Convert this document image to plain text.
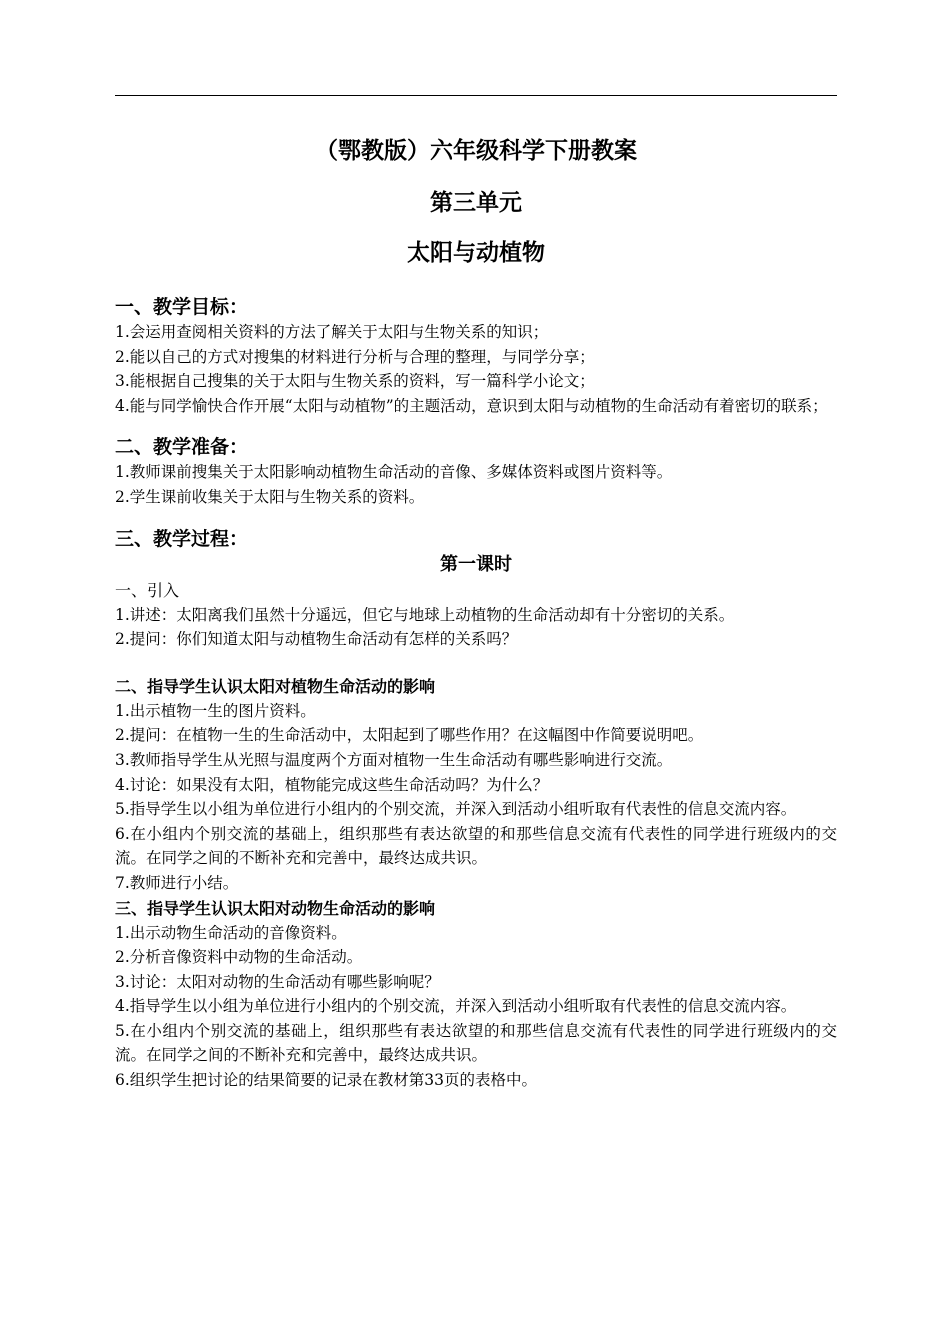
（鄂教版）六年级科学下册教案
第三单元
太阳与动植物
一、教学目标：

1.会运用查阅相关资料的方法了解关于太阳与生物关系的知识；

2.能以自己的方式对搜集的材料进行分析与合理的整理，与同学分享；

3.能根据自己搜集的关于太阳与生物关系的资料，写一篇科学小论文；

4.能与同学愉快合作开展“太阳与动植物”的主题活动，意识到太阳与动植物的生命活动有着密切的联系；

二、教学准备：

1.教师课前搜集关于太阳影响动植物生命活动的音像、多媒体资料或图片资料等。

2.学生课前收集关于太阳与生物关系的资料。

三、教学过程：
第一课时
一、引入

1.讲述：太阳离我们虽然十分遥远，但它与地球上动植物的生命活动却有十分密切的关系。

2.提问：你们知道太阳与动植物生命活动有怎样的关系吗？

二、指导学生认识太阳对植物生命活动的影响

1.出示植物一生的图片资料。

2.提问：在植物一生的生命活动中，太阳起到了哪些作用？在这幅图中作简要说明吧。

3.教师指导学生从光照与温度两个方面对植物一生生命活动有哪些影响进行交流。

4.讨论：如果没有太阳，植物能完成这些生命活动吗？为什么？

5.指导学生以小组为单位进行小组内的个别交流，并深入到活动小组听取有代表性的信息交流内容。

6.在小组内个别交流的基础上，组织那些有表达欲望的和那些信息交流有代表性的同学进行班级内的交流。在同学之间的不断补充和完善中，最终达成共识。

7.教师进行小结。

三、指导学生认识太阳对动物生命活动的影响

1.出示动物生命活动的音像资料。

2.分析音像资料中动物的生命活动。

3.讨论：太阳对动物的生命活动有哪些影响呢？

4.指导学生以小组为单位进行小组内的个别交流，并深入到活动小组听取有代表性的信息交流内容。

5.在小组内个别交流的基础上，组织那些有表达欲望的和那些信息交流有代表性的同学进行班级内的交流。在同学之间的不断补充和完善中，最终达成共识。

6.组织学生把讨论的结果简要的记录在教材第33页的表格中。
